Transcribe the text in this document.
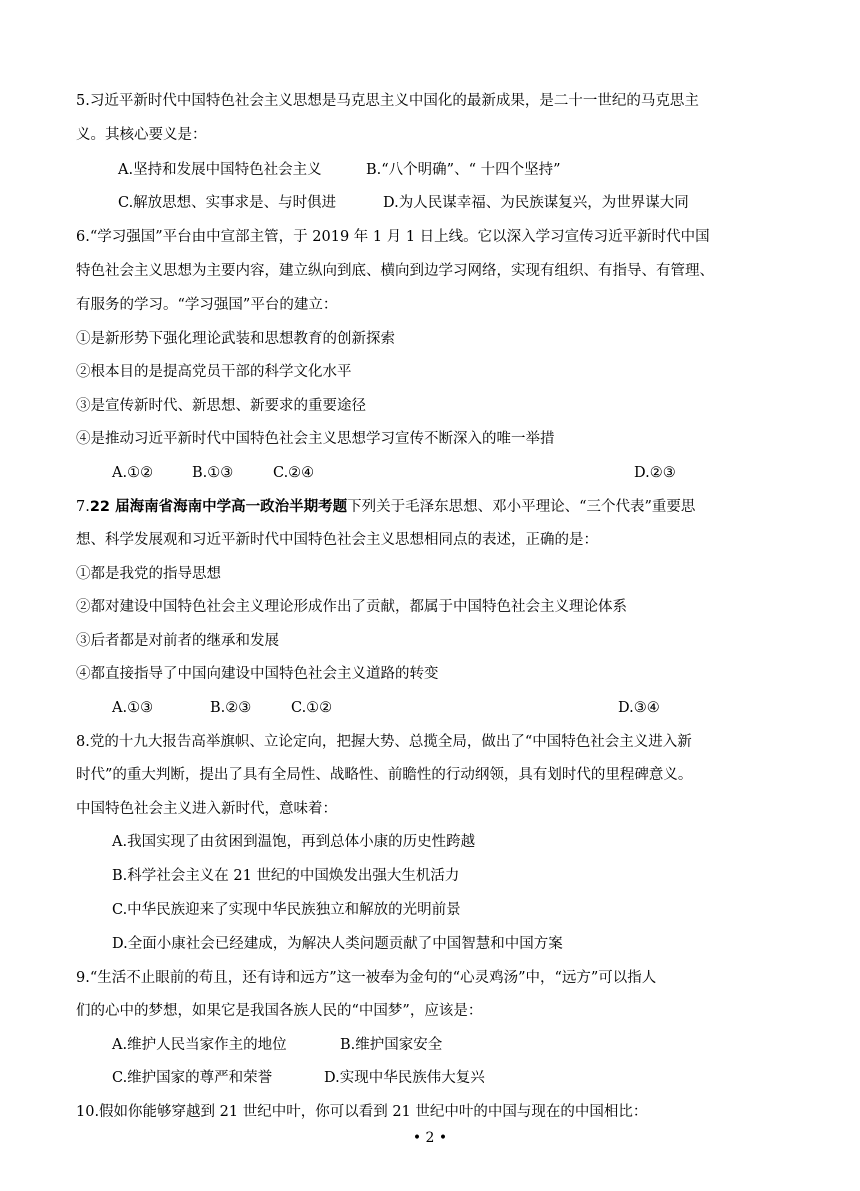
5.习近平新时代中国特色社会主义思想是马克思主义中国化的最新成果，是二十一世纪的马克思主
义。其核心要义是：
A.坚持和发展中国特色社会主义	B.“八个明确”、“ 十四个坚持”
C.解放思想、实事求是、与时俱进	D.为人民谋幸福、为民族谋复兴，为世界谋大同
6.“学习强国”平台由中宣部主管，于 2019 年 1 月 1 日上线。它以深入学习宣传习近平新时代中国
特色社会主义思想为主要内容，建立纵向到底、横向到边学习网络，实现有组织、有指导、有管理、
有服务的学习。“学习强国”平台的建立：
①是新形势下强化理论武装和思想教育的创新探索
②根本目的是提高党员干部的科学文化水平
③是宣传新时代、新思想、新要求的重要途径
④是推动习近平新时代中国特色社会主义思想学习宣传不断深入的唯一举措
A.①②	B.①③	C.②④	D.②③
7.22 届海南省海南中学高一政治半期考题下列关于毛泽东思想、邓小平理论、“三个代表”重要思
想、科学发展观和习近平新时代中国特色社会主义思想相同点的表述，正确的是：
①都是我党的指导思想
②都对建设中国特色社会主义理论形成作出了贡献，都属于中国特色社会主义理论体系
③后者都是对前者的继承和发展
④都直接指导了中国向建设中国特色社会主义道路的转变
A.①③	B.②③	C.①②	D.③④
8.党的十九大报告高举旗帜、立论定向，把握大势、总揽全局，做出了“中国特色社会主义进入新
时代”的重大判断，提出了具有全局性、战略性、前瞻性的行动纲领，具有划时代的里程碑意义。
中国特色社会主义进入新时代，意味着：
A.我国实现了由贫困到温饱，再到总体小康的历史性跨越
B.科学社会主义在 21 世纪的中国焕发出强大生机活力
C.中华民族迎来了实现中华民族独立和解放的光明前景
D.全面小康社会已经建成，为解决人类问题贡献了中国智慧和中国方案
9.“生活不止眼前的苟且，还有诗和远方”这一被奉为金句的“心灵鸡汤”中，“远方”可以指人
们的心中的梦想，如果它是我国各族人民的“中国梦”，应该是：
A.维护人民当家作主的地位	B.维护国家安全
C.维护国家的尊严和荣誉	D.实现中华民族伟大复兴
10.假如你能够穿越到 21 世纪中叶，你可以看到 21 世纪中叶的中国与现在的中国相比：
• 2 •
